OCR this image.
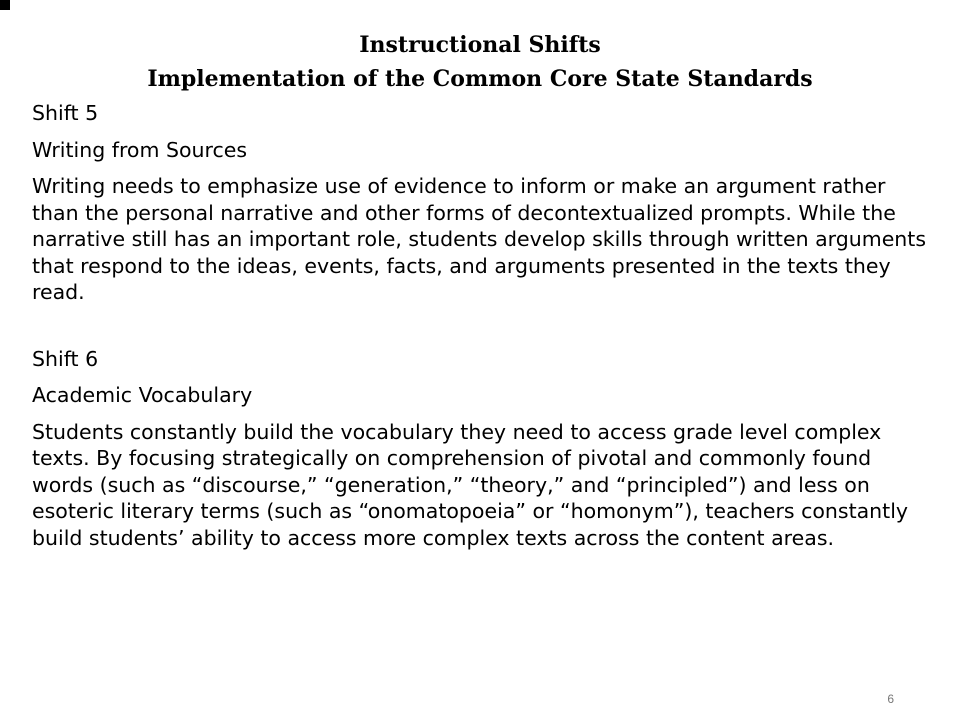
Instructional Shifts
Implementation of the Common Core State Standards
Shift 5
Writing from Sources

Writing needs to emphasize use of evidence to inform or make an argument rather than the personal narrative and other forms of decontextualized prompts. While the narrative still has an important role, students develop skills through written arguments that respond to the ideas, events, facts, and arguments presented in the texts they read.

Shift 6
Academic Vocabulary

Students constantly build the vocabulary they need to access grade level complex texts. By focusing strategically on comprehension of pivotal and commonly found words (such as “discourse,” “generation,” “theory,” and “principled”) and less on esoteric literary terms (such as “onomatopoeia” or “homonym”), teachers constantly build students’ ability to access more complex texts across the content areas.

6
